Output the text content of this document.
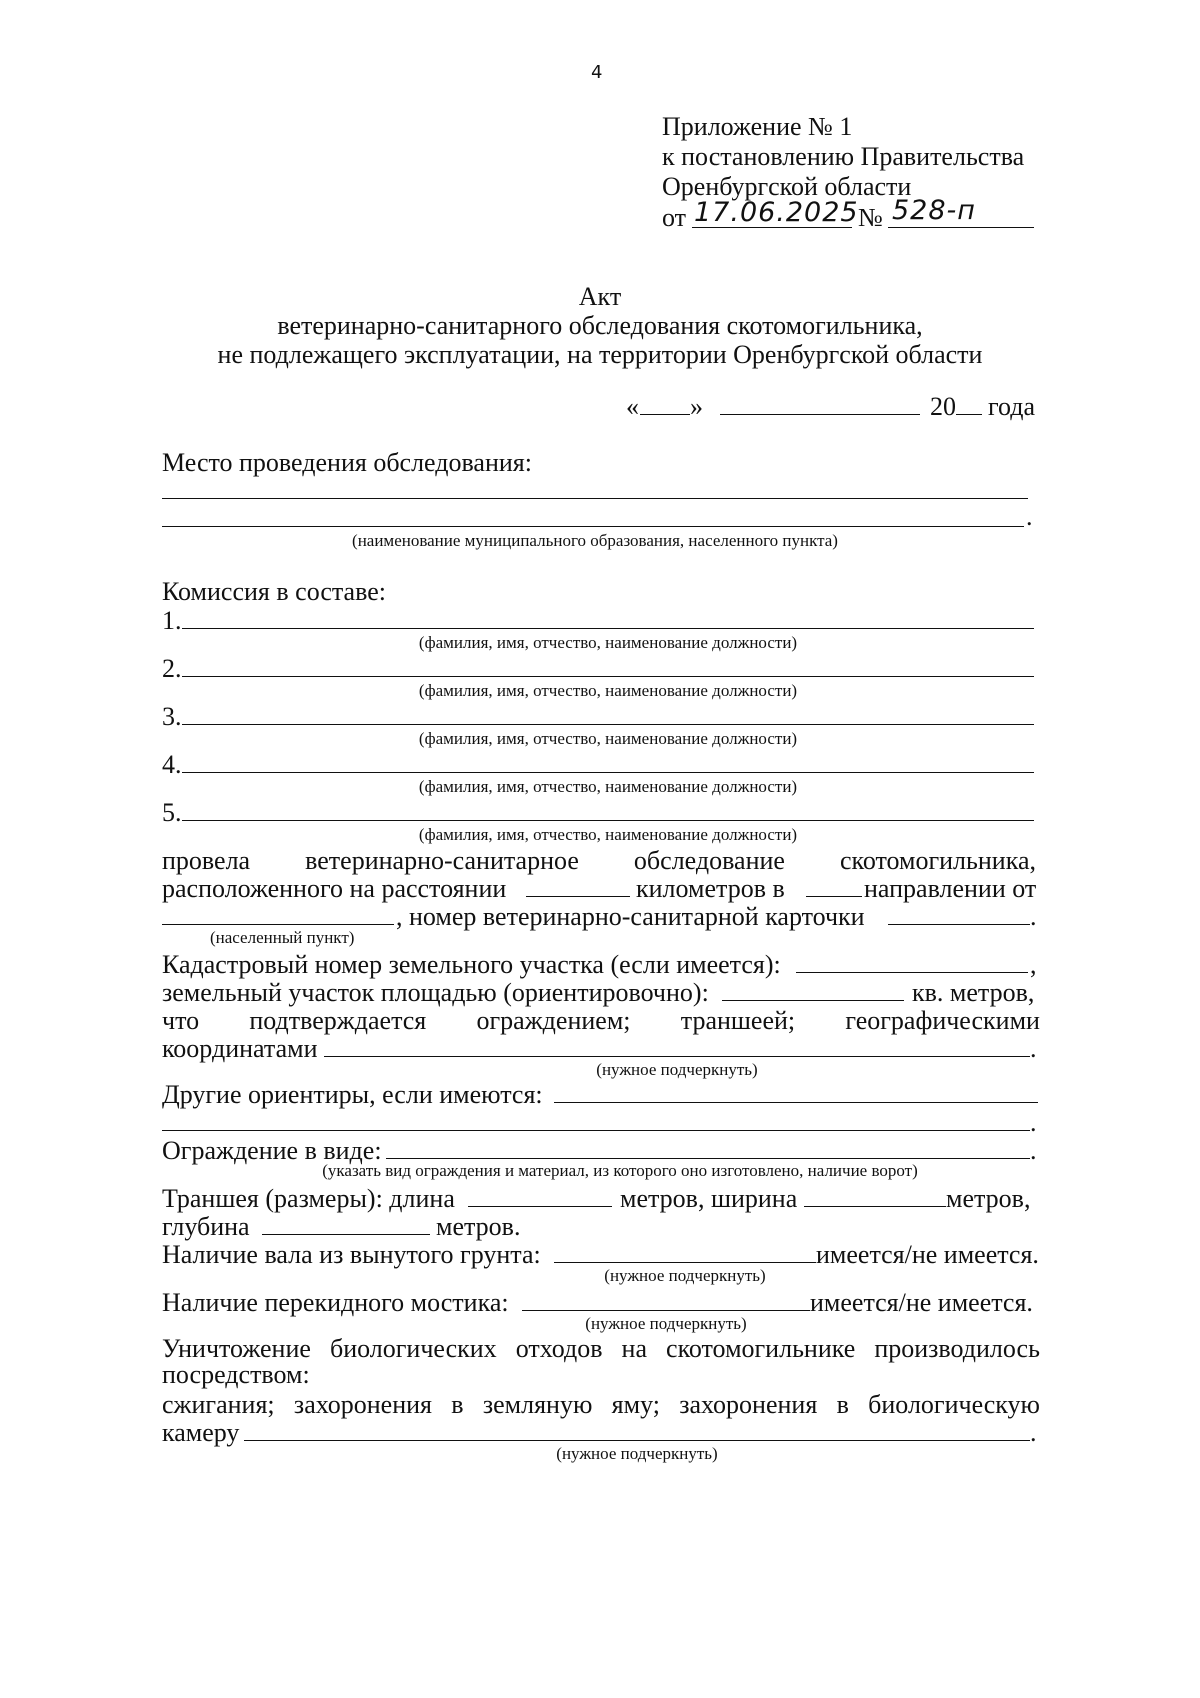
4
Приложение № 1
к постановлению Правительства
Оренбургской области
от 17.06.2025 № 528-п
Акт
ветеринарно-санитарного обследования скотомогильника,
не подлежащего эксплуатации, на территории Оренбургской области
« »	20 года
Место проведения обследования:
.
(наименование муниципального образования, населенного пункта)
Комиссия в составе:
1.
(фамилия, имя, отчество, наименование должности)
2.
(фамилия, имя, отчество, наименование должности)
3.
(фамилия, имя, отчество, наименование должности)
4.
(фамилия, имя, отчество, наименование должности)
5.
(фамилия, имя, отчество, наименование должности)
провела ветеринарно-санитарное обследование скотомогильника,
расположенного на расстоянии	километров в	направлении от
, номер ветеринарно-санитарной карточки	.
(населенный пункт)
Кадастровый номер земельного участка (если имеется):	,
земельный участок площадью (ориентировочно):	кв. метров,
что подтверждается ограждением; траншеей; географическими
координатами	.
(нужное подчеркнуть)
Другие ориентиры, если имеются:
.
Ограждение в виде:	.
(указать вид ограждения и материал, из которого оно изготовлено, наличие ворот)
Траншея (размеры): длина	метров, ширина	метров,
глубина	метров.
Наличие вала из вынутого грунта:	имеется/не имеется.
(нужное подчеркнуть)
Наличие перекидного мостика:	имеется/не имеется.
(нужное подчеркнуть)
Уничтожение биологических отходов на скотомогильнике производилось
посредством:
сжигания; захоронения в земляную яму; захоронения в биологическую
камеру	.
(нужное подчеркнуть)
